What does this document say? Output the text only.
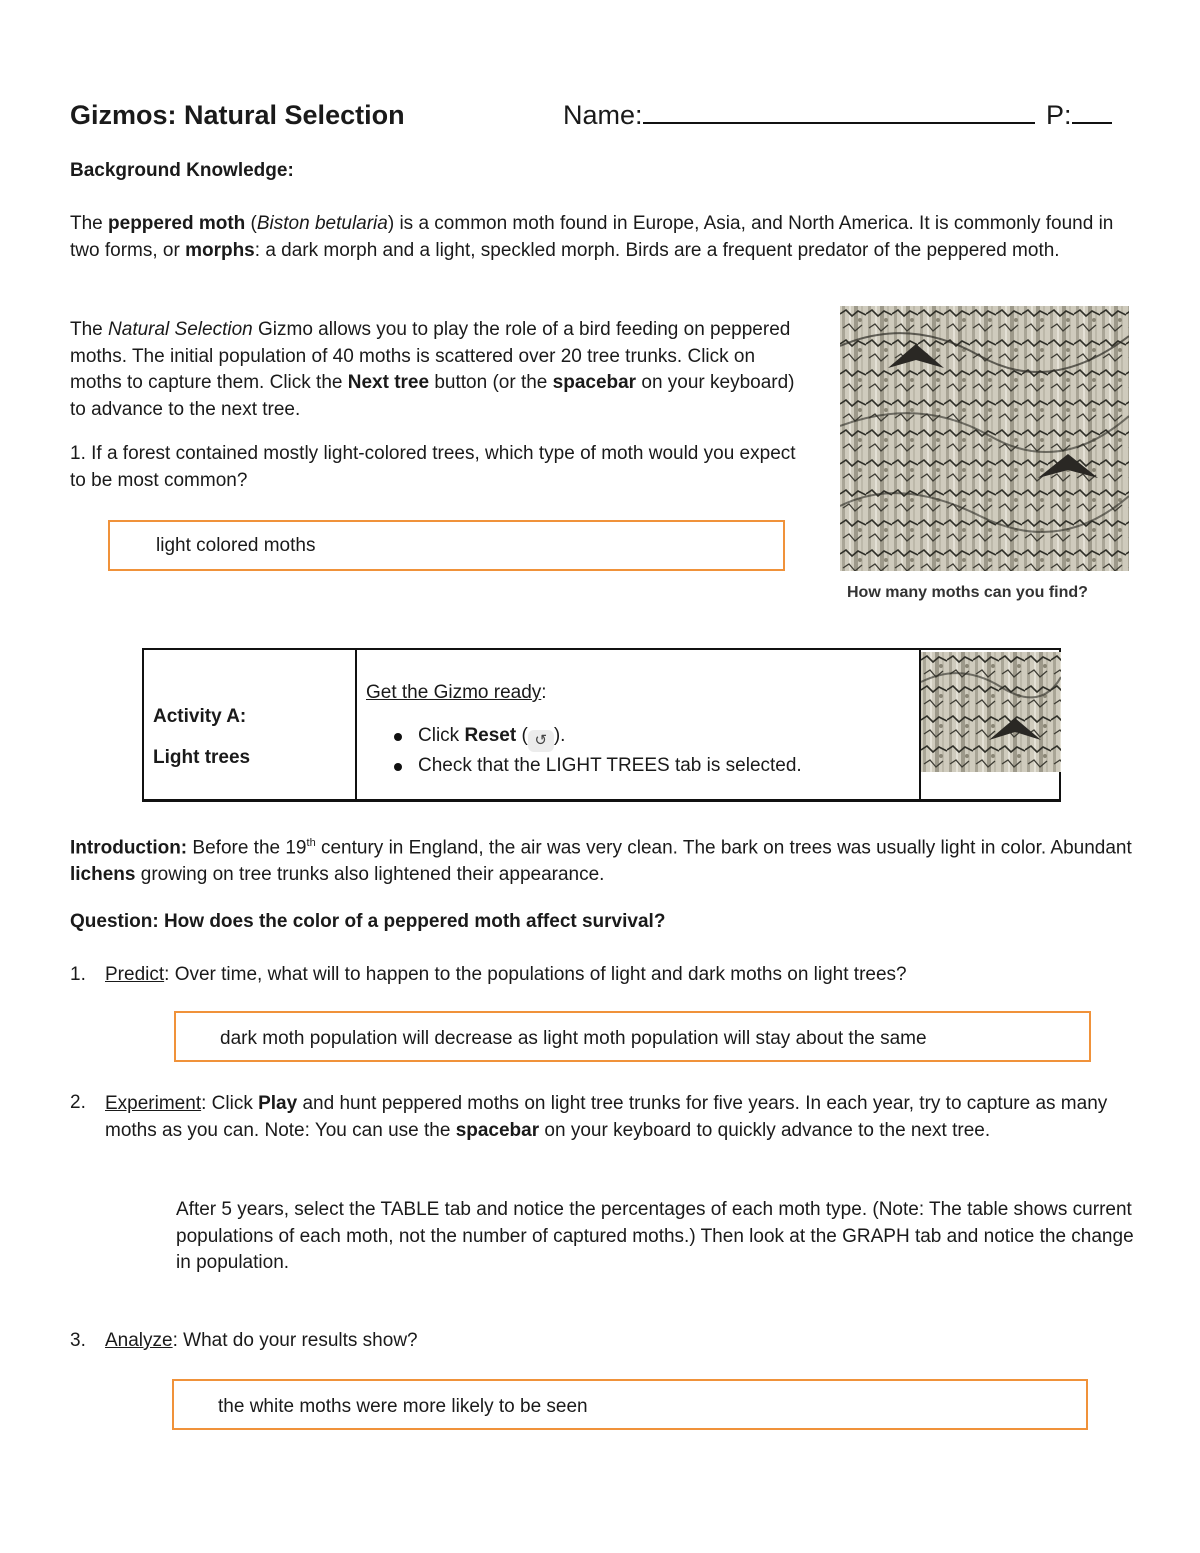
Gizmos: Natural Selection	Name:	P:
Background Knowledge:

The peppered moth (Biston betularia) is a common moth found in Europe, Asia, and North America. It is commonly found in two forms, or morphs: a dark morph and a light, speckled morph. Birds are a frequent predator of the peppered moth.

The Natural Selection Gizmo allows you to play the role of a bird feeding on peppered moths. The initial population of 40 moths is scattered over 20 tree trunks. Click on moths to capture them. Click the Next tree button (or the spacebar on your keyboard) to advance to the next tree.

1. If a forest contained mostly light-colored trees, which type of moth would you expect to be most common?

light colored moths
How many moths can you find?
Activity A:
Light trees
Get the Gizmo ready:
Click Reset ( ↺ ).
Check that the LIGHT TREES tab is selected.

Introduction: Before the 19th century in England, the air was very clean. The bark on trees was usually light in color. Abundant lichens growing on tree trunks also lightened their appearance.

Question: How does the color of a peppered moth affect survival?
1. Predict: Over time, what will to happen to the populations of light and dark moths on light trees?
dark moth population will decrease as light moth population will stay about the same
2. Experiment: Click Play and hunt peppered moths on light tree trunks for five years. In each year, try to capture as many moths as you can. Note: You can use the spacebar on your keyboard to quickly advance to the next tree.

After 5 years, select the TABLE tab and notice the percentages of each moth type. (Note: The table shows current populations of each moth, not the number of captured moths.) Then look at the GRAPH tab and notice the change in population.

3. Analyze: What do your results show?
the white moths were more likely to be seen
